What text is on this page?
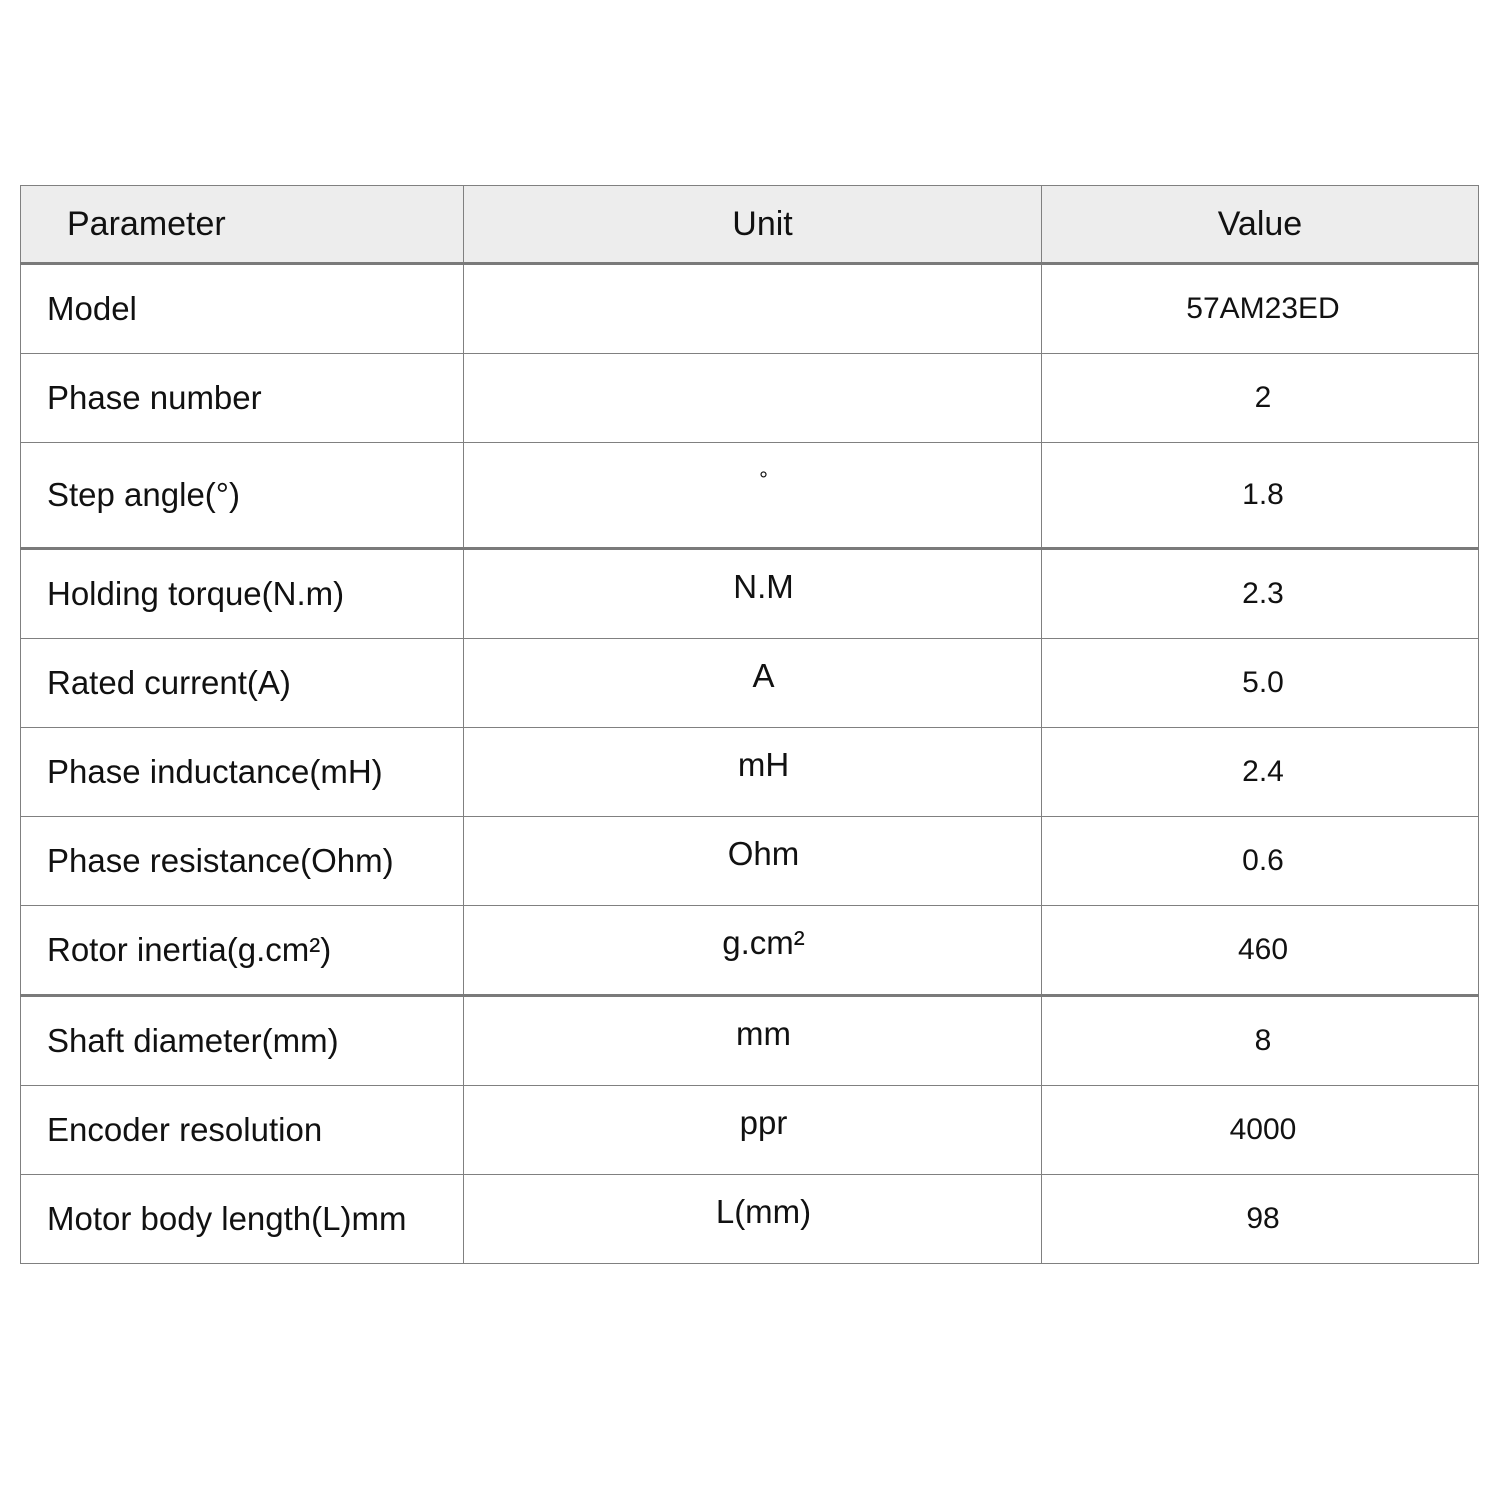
Parameter	Unit	Value
Model		57AM23ED
Phase number		2
Step angle(°)	°	1.8
Holding torque(N.m)	N.M	2.3
Rated current(A)	A	5.0
Phase inductance(mH)	mH	2.4
Phase resistance(Ohm)	Ohm	0.6
Rotor inertia(g.cm²)	g.cm²	460
Shaft diameter(mm)	mm	8
Encoder resolution	ppr	4000
Motor body length(L)mm	L(mm)	98
